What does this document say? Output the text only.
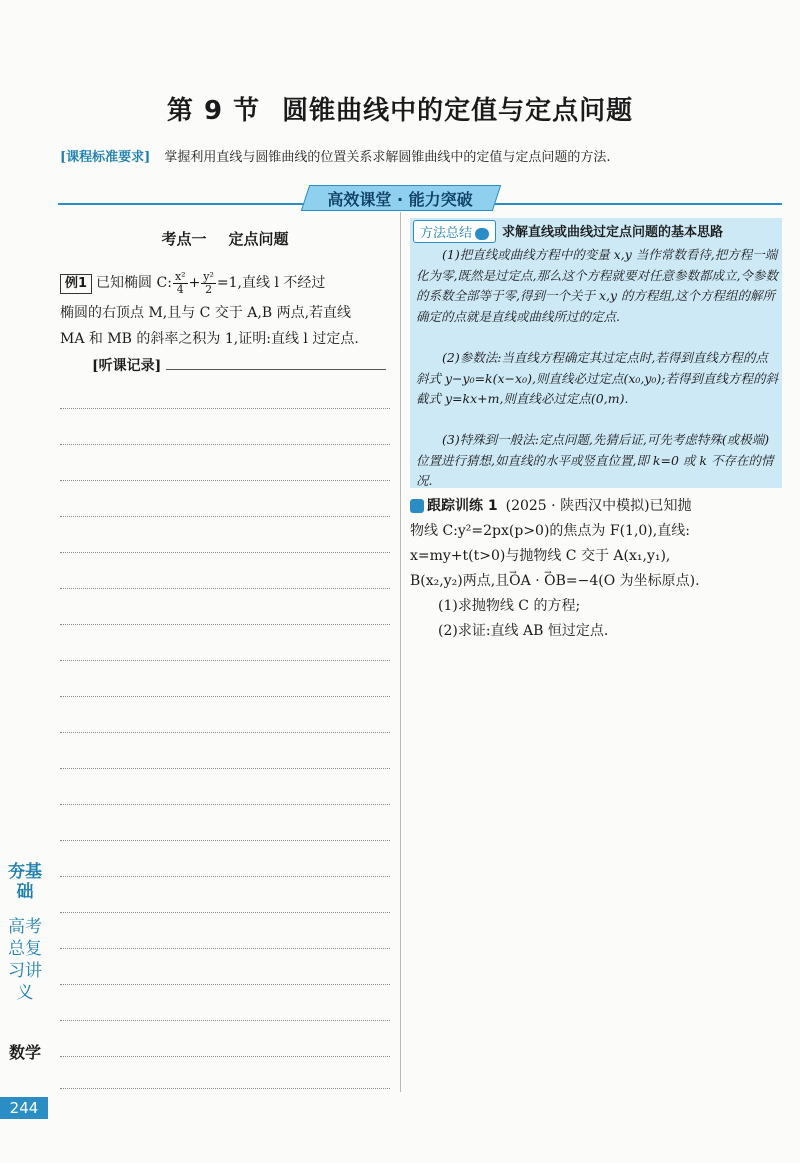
第 9 节 圆锥曲线中的定值与定点问题
[课程标准要求] 掌握利用直线与圆锥曲线的位置关系求解圆锥曲线中的定值与定点问题的方法.
高效课堂 · 能力突破
考点一 定点问题
例1 已知椭圆 C: $\frac{\text{x²}}{4} + \frac{\text{y²}}{2} =1$,直线 l 不经过
椭圆的右顶点 M,且与 C 交于 A,B 两点,若直线
MA 和 MB 的斜率之积为 1,证明:直线 l 过定点.
[听课记录]
方法总结	求解直线或曲线过定点问题的基本思路
(1)把直线或曲线方程中的变量 x,y 当作常数看待,把方程一端化为零,既然是过定点,那么这个方程就要对任意参数都成立,令参数的系数全部等于零,得到一个关于 x,y 的方程组,这个方程组的解所确定的点就是直线或曲线所过的定点.
(2)参数法:当直线方程确定其过定点时,若得到直线方程的点斜式 y−y₀=k(x−x₀),则直线必过定点(x₀,y₀);若得到直线方程的斜截式 y=kx+m,则直线必过定点(0,m).
(3)特殊到一般法:定点问题,先猜后证,可先考虑特殊(或极端)位置进行猜想,如直线的水平或竖直位置,即 k=0 或 k 不存在的情况.
跟踪训练 1 (2025 · 陕西汉中模拟)已知抛
物线 C:y²=2px(p>0)的焦点为 F(1,0),直线:
x=my+t(t>0)与抛物线 C 交于 A(x₁,y₁),
B(x₂,y₂)两点,且→ OA · → OB=−4(O 为坐标原点).
(1)求抛物线 C 的方程;
(2)求证:直线 AB 恒过定点.
夯基础
高考总复习讲义
数学
244
